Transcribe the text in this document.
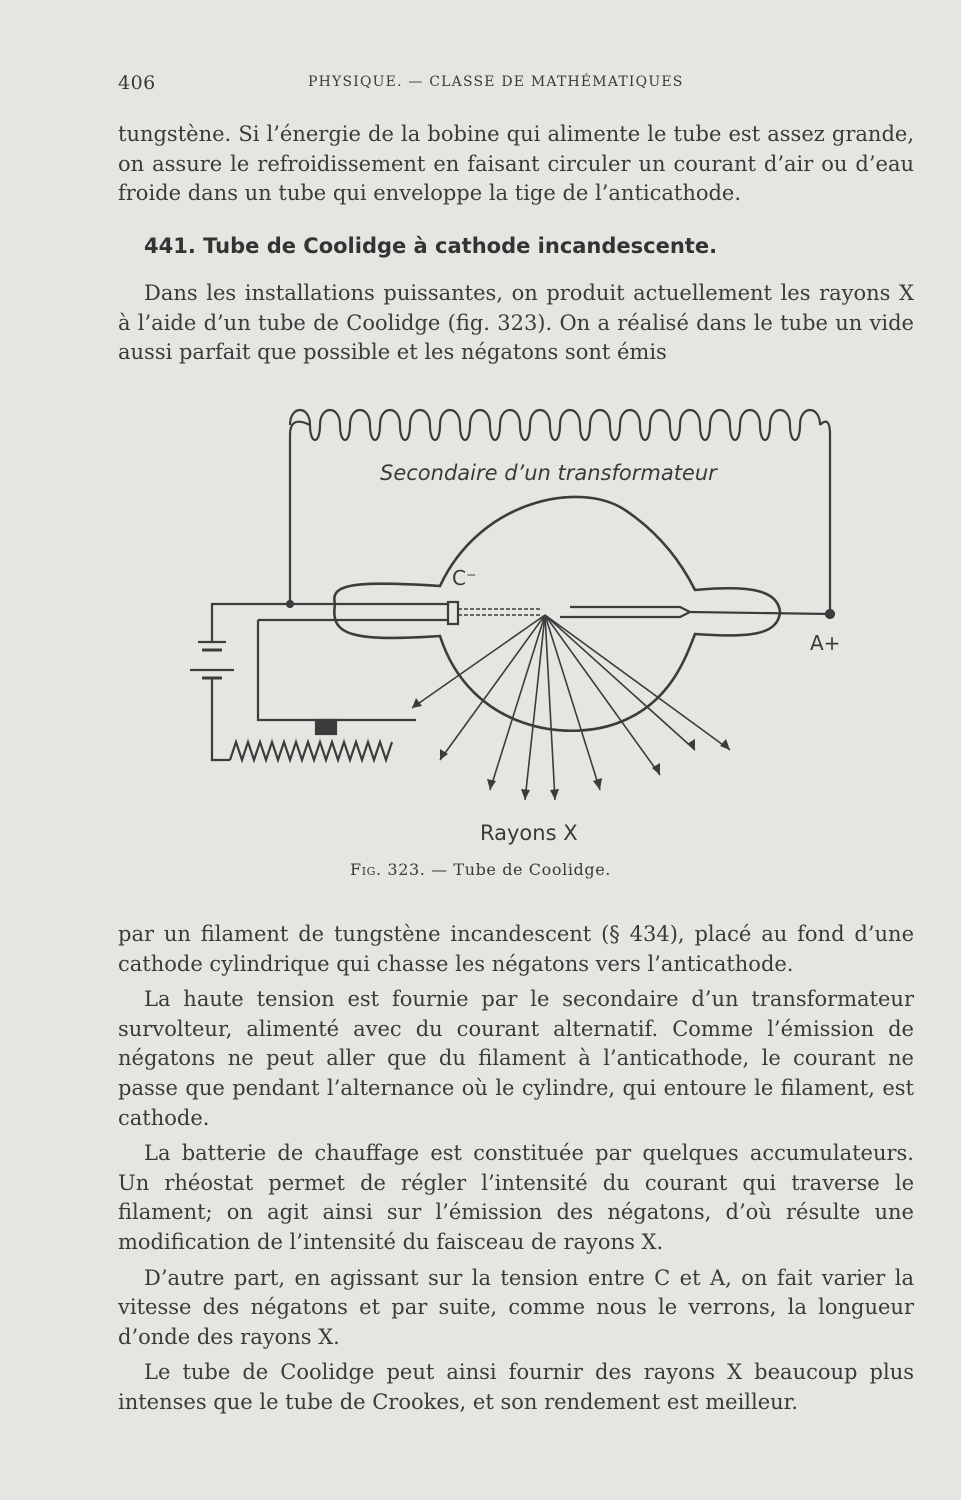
406	PHYSIQUE. — CLASSE DE MATHÉMATIQUES

tungstène. Si l’énergie de la bobine qui alimente le tube est assez grande, on assure le refroidissement en faisant circuler un courant d’air ou d’eau froide dans un tube qui enveloppe la tige de l’anticathode.

441. Tube de Coolidge à cathode incandescente.

Dans les installations puissantes, on produit actuellement les rayons X à l’aide d’un tube de Coolidge (fig. 323). On a réalisé dans le tube un vide aussi parfait que possible et les négatons sont émis

Secondaire d’un transformateur
C⁻
A+
Rayons X
Fig. 323. — Tube de Coolidge.

par un filament de tungstène incandescent (§ 434), placé au fond d’une cathode cylindrique qui chasse les négatons vers l’anticathode.

La haute tension est fournie par le secondaire d’un transformateur survolteur, alimenté avec du courant alternatif. Comme l’émission de négatons ne peut aller que du filament à l’anticathode, le courant ne passe que pendant l’alternance où le cylindre, qui entoure le filament, est cathode.

La batterie de chauffage est constituée par quelques accumulateurs. Un rhéostat permet de régler l’intensité du courant qui traverse le filament; on agit ainsi sur l’émission des négatons, d’où résulte une modification de l’intensité du faisceau de rayons X.

D’autre part, en agissant sur la tension entre C et A, on fait varier la vitesse des négatons et par suite, comme nous le verrons, la longueur d’onde des rayons X.

Le tube de Coolidge peut ainsi fournir des rayons X beaucoup plus intenses que le tube de Crookes, et son rendement est meilleur.
